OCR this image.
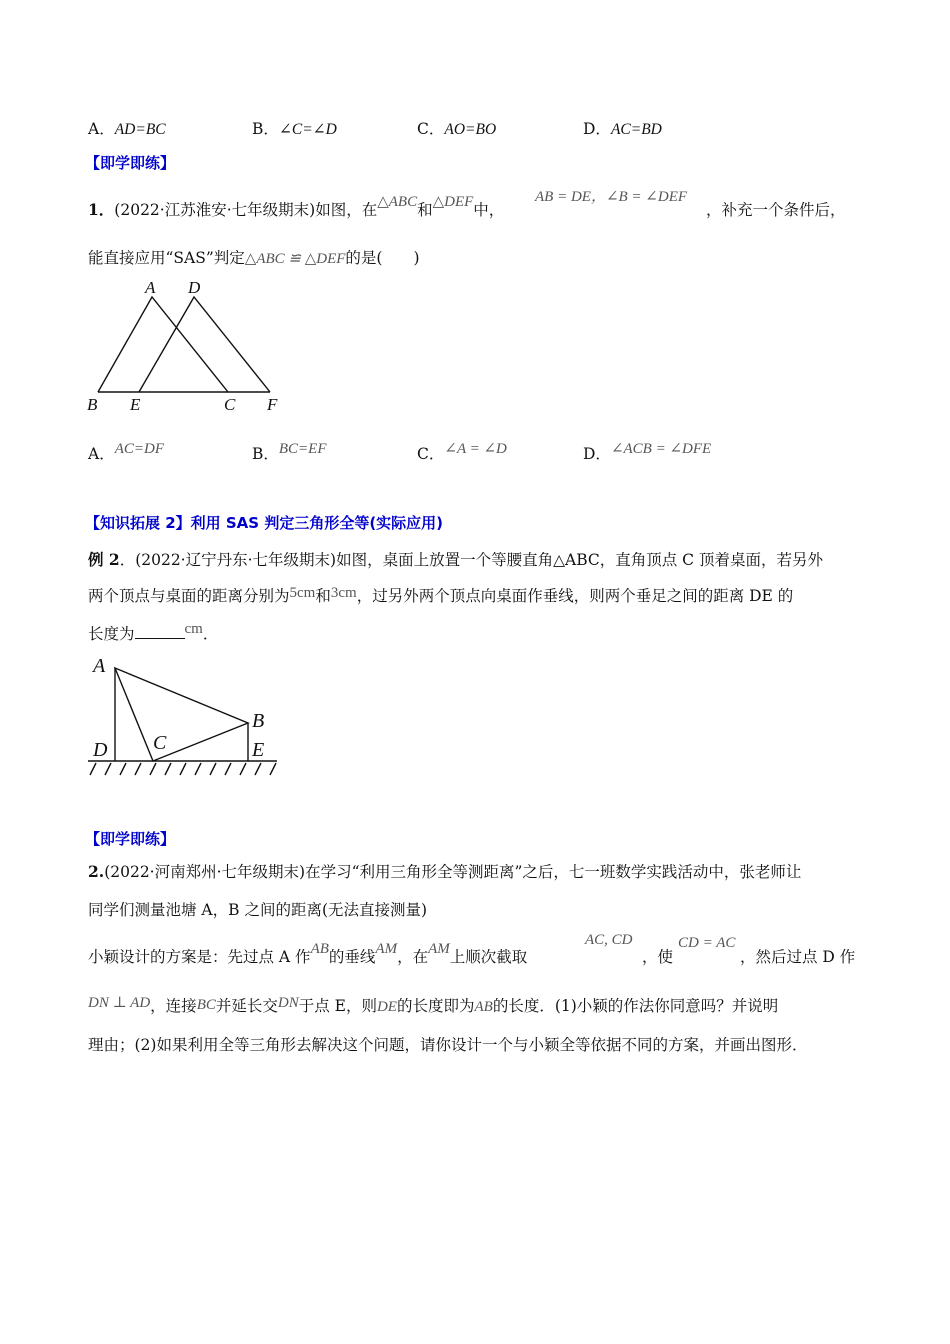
A．AD=BC	B．∠C=∠D	C．AO=BO	D．AC=BD
【即学即练】
1．(2022·江苏淮安·七年级期末)如图，在△ABC和△DEF中，
AB = DE，∠B = ∠DEF
，补充一个条件后，
能直接应用“SAS”判定△ABC ≌ △DEF的是(　　)
A D
B E	C F
A．AC=DF	B．BC=EF	C．∠A = ∠D	D．∠ACB = ∠DFE
【知识拓展 2】利用 SAS 判定三角形全等(实际应用)
例 2．(2022·辽宁丹东·七年级期末)如图，桌面上放置一个等腰直角△ABC，直角顶点 C 顶着桌面，若另外
两个顶点与桌面的距离分别为5cm和3cm，过另外两个顶点向桌面作垂线，则两个垂足之间的距离 DE 的
长度为	cm．
A
B
C
D	E
【即学即练】
2.(2022·河南郑州·七年级期末)在学习“利用三角形全等测距离”之后，七一班数学实践活动中，张老师让
同学们测量池塘 A，B 之间的距离(无法直接测量)
小颖设计的方案是：先过点 A 作AB的垂线AM，在AM上顺次截取
AC, CD
，使
CD = AC
，然后过点 D 作
DN ⊥ AD，连接BC并延长交DN于点 E，则DE的长度即为AB的长度．(1)小颖的作法你同意吗？并说明
理由；(2)如果利用全等三角形去解决这个问题，请你设计一个与小颖全等依据不同的方案，并画出图形．
